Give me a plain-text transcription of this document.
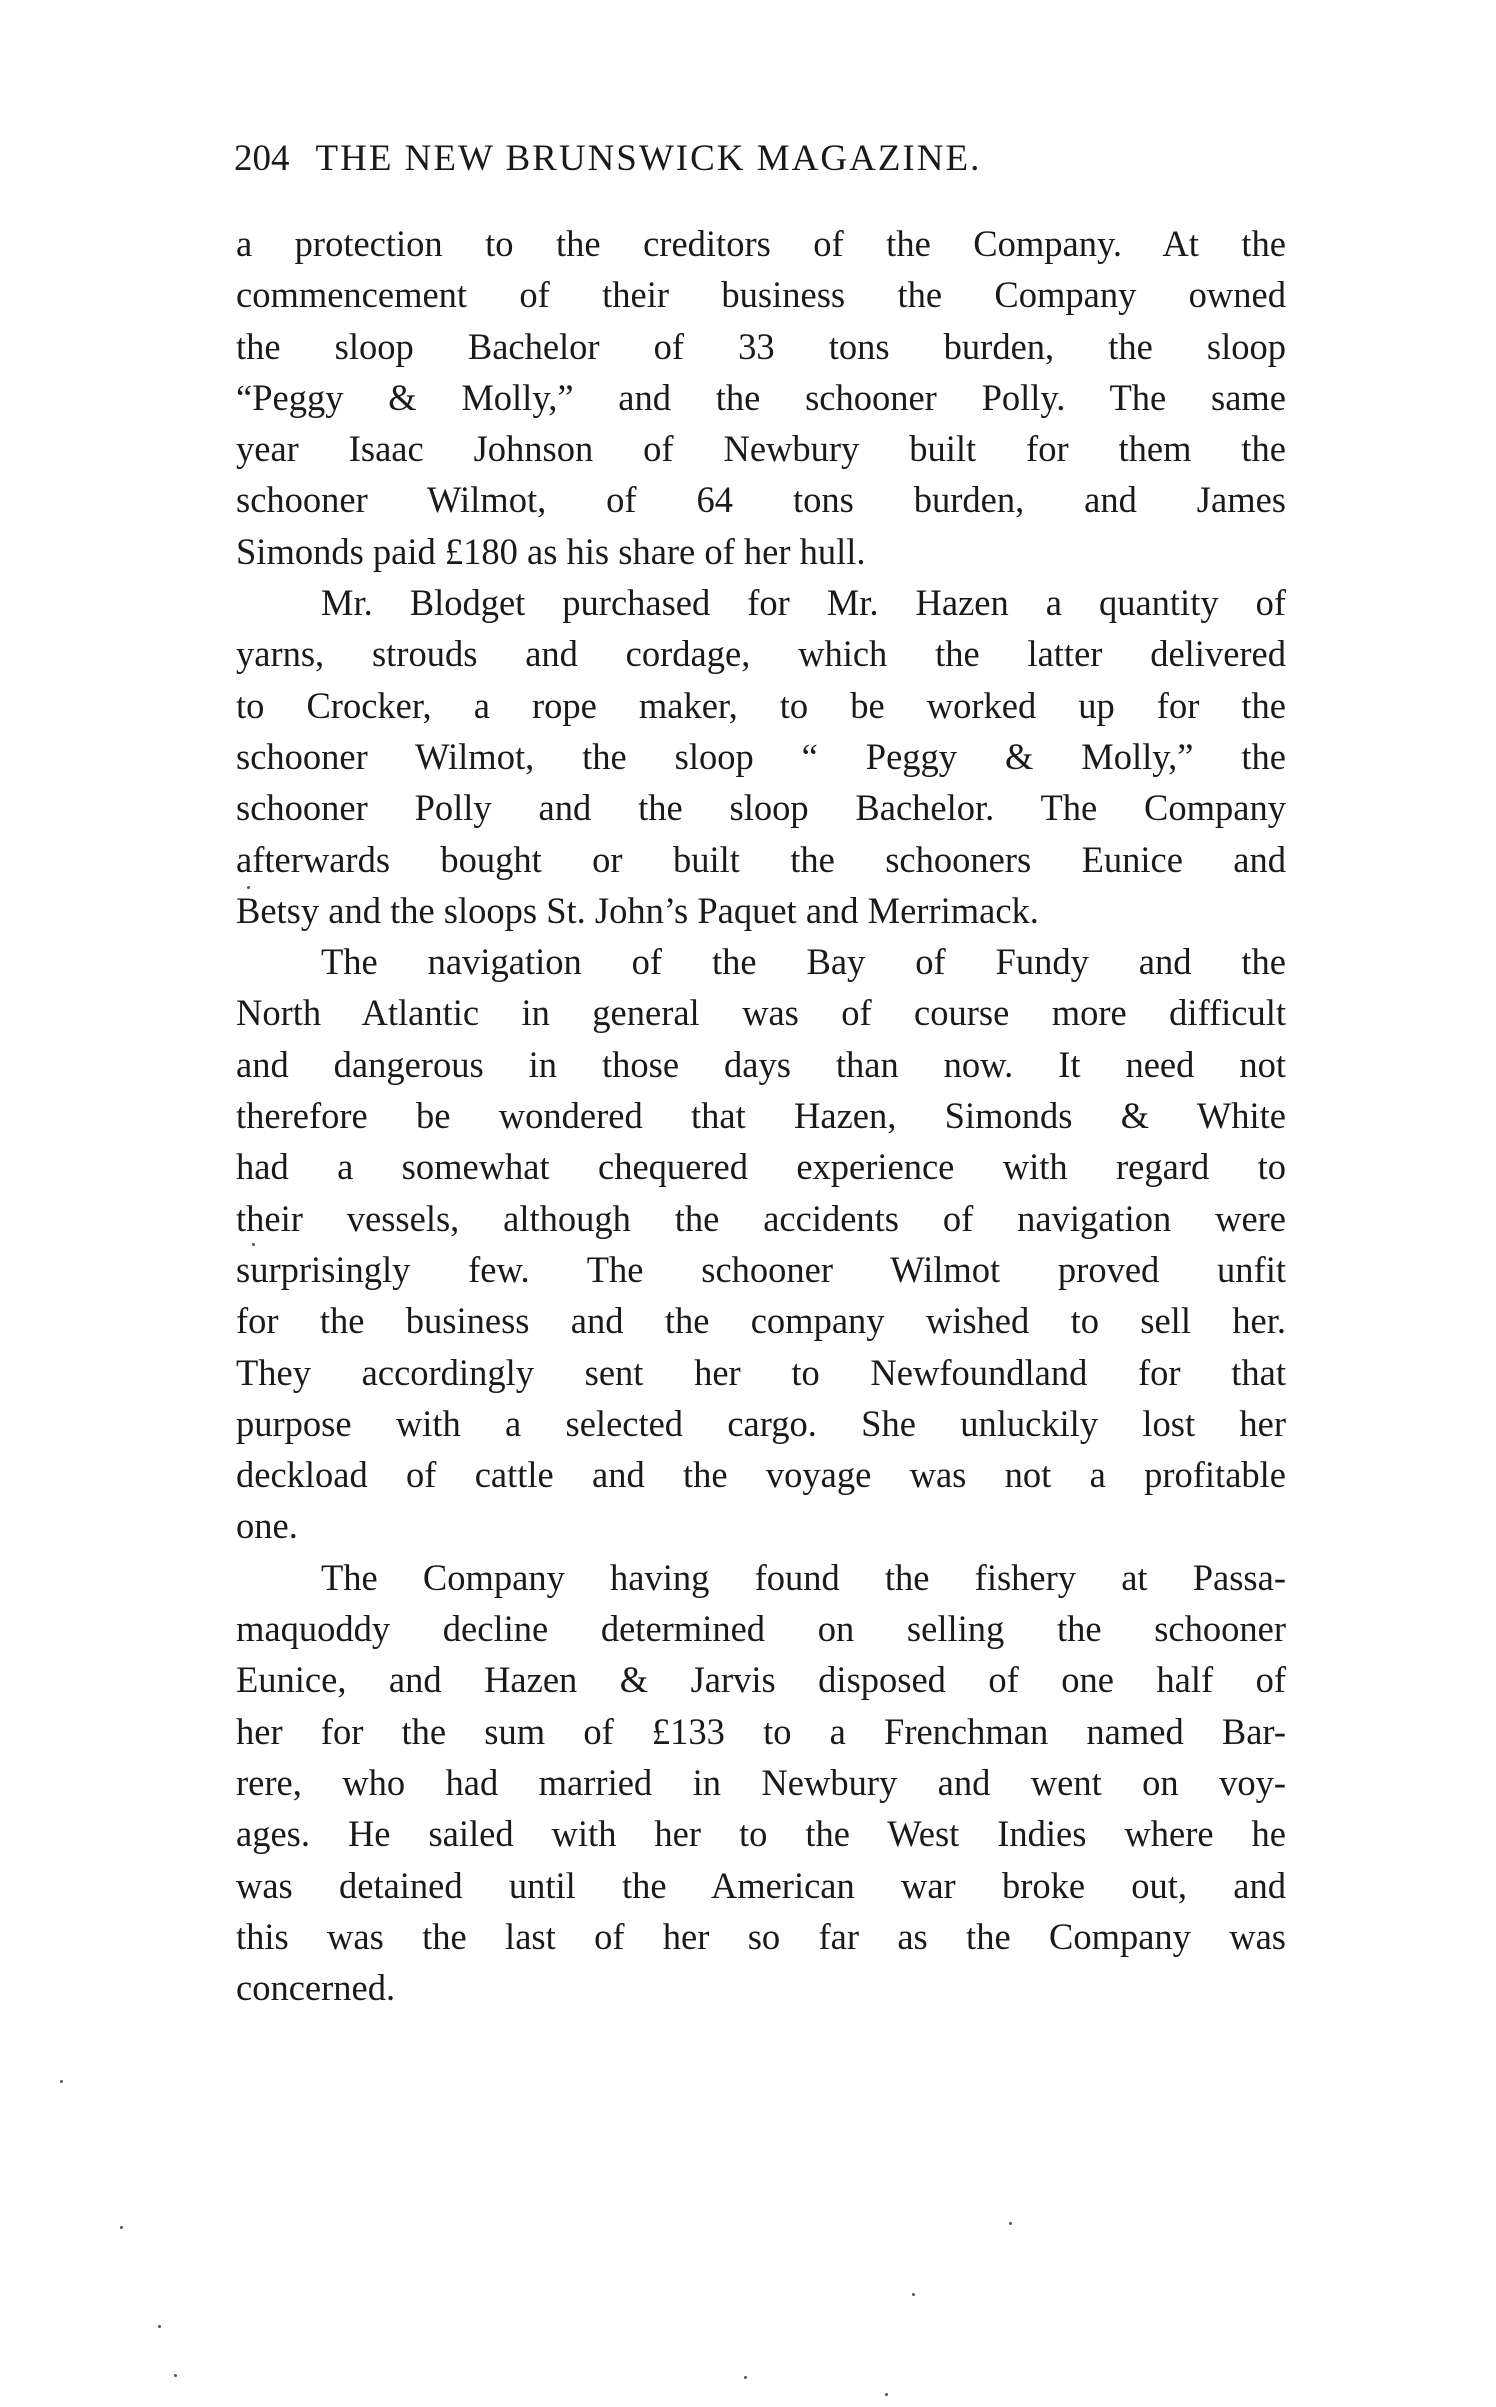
204 THE NEW BRUNSWICK MAGAZINE.
a protection to the creditors of the Company. At the
commencement of their business the Company owned
the sloop Bachelor of 33 tons burden, the sloop
“Peggy & Molly,” and the schooner Polly. The same
year Isaac Johnson of Newbury built for them the
schooner Wilmot, of 64 tons burden, and James
Simonds paid £180 as his share of her hull.
Mr. Blodget purchased for Mr. Hazen a quantity of
yarns, strouds and cordage, which the latter delivered
to Crocker, a rope maker, to be worked up for the
schooner Wilmot, the sloop “ Peggy & Molly,” the
schooner Polly and the sloop Bachelor. The Company
afterwards bought or built the schooners Eunice and
Betsy and the sloops St. John’s Paquet and Merrimack.
The navigation of the Bay of Fundy and the
North Atlantic in general was of course more difficult
and dangerous in those days than now. It need not
therefore be wondered that Hazen, Simonds & White
had a somewhat chequered experience with regard to
their vessels, although the accidents of navigation were
surprisingly few. The schooner Wilmot proved unfit
for the business and the company wished to sell her.
They accordingly sent her to Newfoundland for that
purpose with a selected cargo. She unluckily lost her
deckload of cattle and the voyage was not a profitable
one.
The Company having found the fishery at Passa-
maquoddy decline determined on selling the schooner
Eunice, and Hazen & Jarvis disposed of one half of
her for the sum of £133 to a Frenchman named Bar-
rere, who had married in Newbury and went on voy-
ages. He sailed with her to the West Indies where he
was detained until the American war broke out, and
this was the last of her so far as the Company was
concerned.
